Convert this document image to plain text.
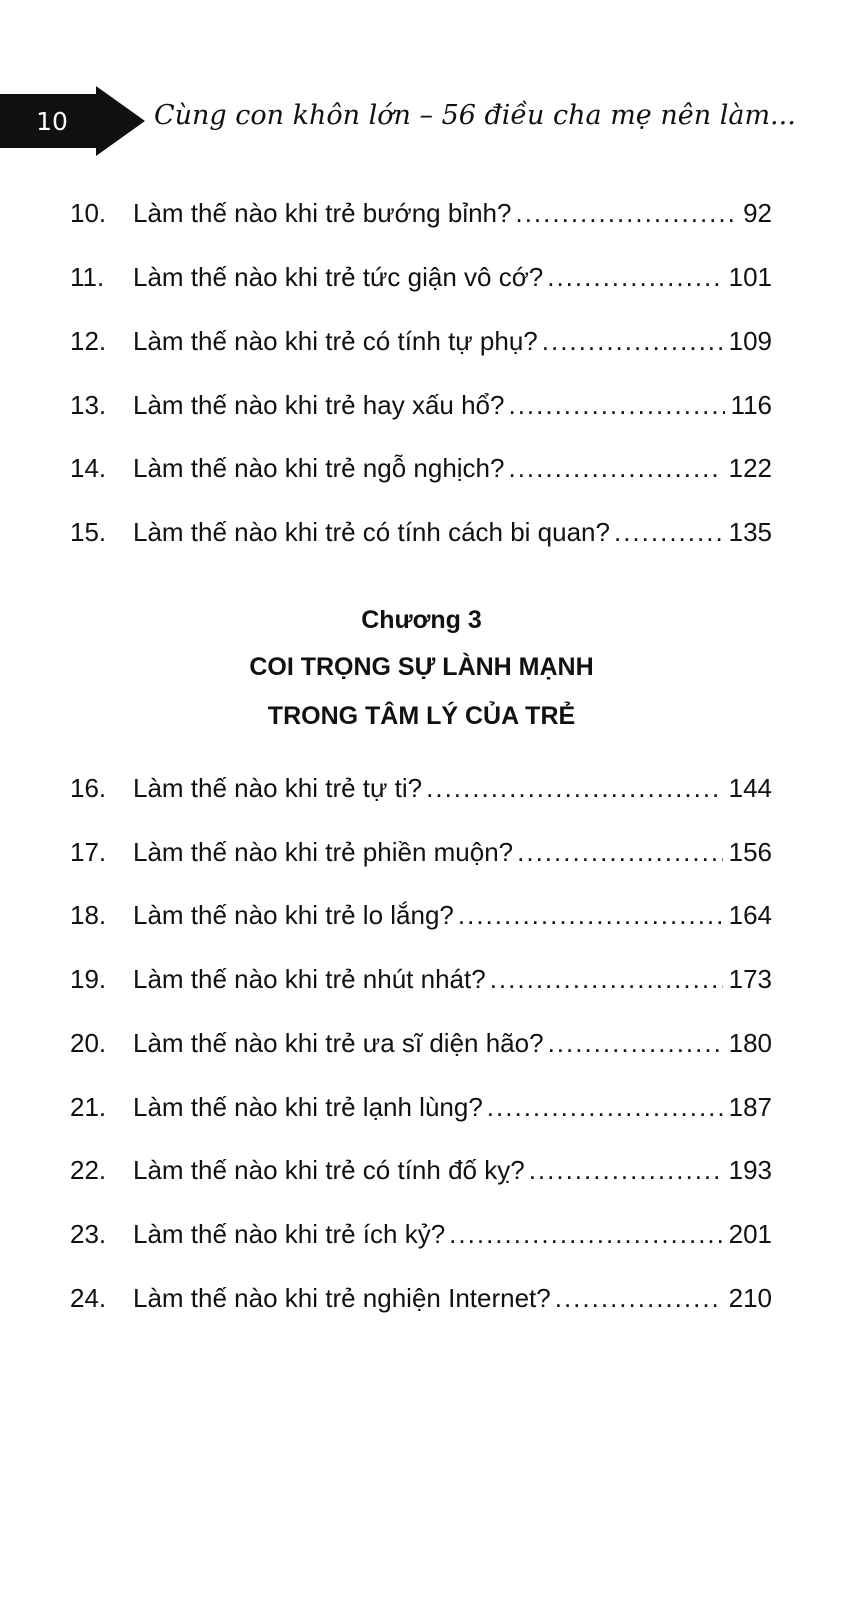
10	Cùng con khôn lớn – 56 điều cha mẹ nên làm...
10.	Làm thế nào khi trẻ bướng bỉnh? .....	92
11.	Làm thế nào khi trẻ tức giận vô cớ? .....	101
12.	Làm thế nào khi trẻ có tính tự phụ? .....	109
13.	Làm thế nào khi trẻ hay xấu hổ? .....	116
14.	Làm thế nào khi trẻ ngỗ nghịch? .....	122
15.	Làm thế nào khi trẻ có tính cách bi quan? .....	135
Chương 3
COI TRỌNG SỰ LÀNH MẠNH
TRONG TÂM LÝ CỦA TRẺ
16.	Làm thế nào khi trẻ tự ti? .....	144
17.	Làm thế nào khi trẻ phiền muộn? .....	156
18.	Làm thế nào khi trẻ lo lắng? .....	164
19.	Làm thế nào khi trẻ nhút nhát? .....	173
20.	Làm thế nào khi trẻ ưa sĩ diện hão? .....	180
21.	Làm thế nào khi trẻ lạnh lùng? .....	187
22.	Làm thế nào khi trẻ có tính đố kỵ? .....	193
23.	Làm thế nào khi trẻ ích kỷ? .....	201
24.	Làm thế nào khi trẻ nghiện Internet? .....	210
